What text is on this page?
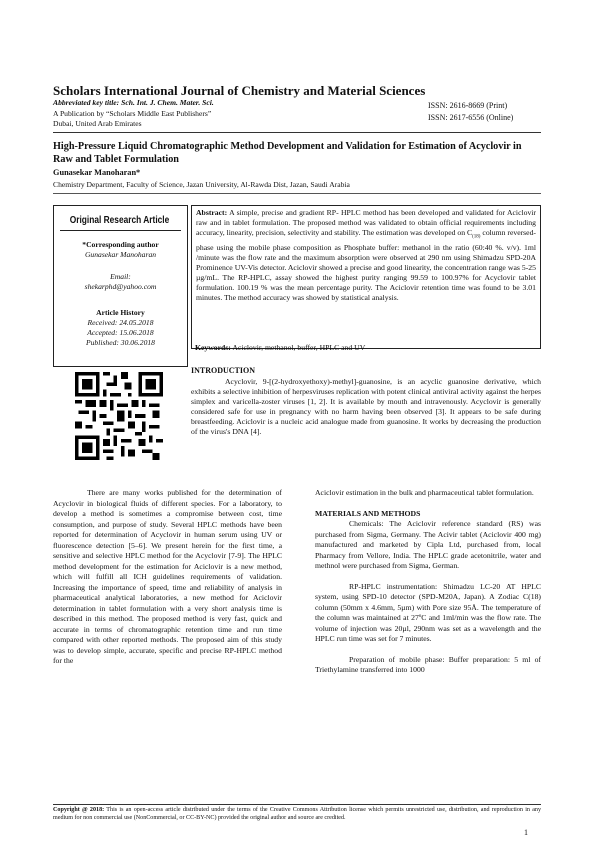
Scholars International Journal of Chemistry and Material Sciences
Abbreviated key title: Sch. Int. J. Chem. Mater. Sci.
A Publication by “Scholars Middle East Publishers”
Dubai, United Arab Emirates
ISSN: 2616-8669 (Print)
ISSN: 2617-6556 (Online)
High-Pressure Liquid Chromatographic Method Development and Validation for Estimation of Acyclovir in Raw and Tablet Formulation
Gunasekar Manoharan*
Chemistry Department, Faculty of Science, Jazan University, Al-Rawda Dist, Jazan, Saudi Arabia
Original Research Article
*Corresponding author
Gunasekar Manoharan
Email:
shekarphd@yahoo.com
Article History
Received: 24.05.2018
Accepted: 15.06.2018
Published: 30.06.2018
Abstract: A simple, precise and gradient RP- HPLC method has been developed and validated for Aciclovir raw and in tablet formulation. The proposed method was validated to obtain official requirements including accuracy, linearity, precision, selectivity and stability. The estimation was developed on $C_{(18)}$ column reversed-phase using the mobile phase composition as Phosphate buffer: methanol in the ratio (60:40 %. v/v). 1ml /minute was the flow rate and the maximum absorption were observed at 290 nm using Shimadzu SPD-20A Prominence UV-Vis detector. Aciclovir showed a precise and good linearity, the concentration range was 5-25 µg/mL. The RP-HPLC, assay showed the highest purity ranging 99.59 to 100.97% for Acyclovir tablet formulation. 100.19 % was the mean percentage purity. The Aciclovir retention time was found to be 3.01 minutes. The method accuracy was showed by statistical analysis.
Keywords: Aciclovir, methanol, buffer, HPLC and UV
INTRODUCTION
Acyclovir, 9-[(2-hydroxyethoxy)-methyl]-guanosine, is an acyclic guanosine derivative, which exhibits a selective inhibition of herpesviruses replication with potent clinical antiviral activity against the herpes simplex and varicella-zoster viruses [1, 2]. It is available by mouth and intravenously. Acyclovir is generally considered safe for use in pregnancy with no harm having been observed [3]. It appears to be safe during breastfeeding. Aciclovir is a nucleic acid analogue made from guanosine. It works by decreasing the production of the virus's DNA [4].

There are many works published for the determination of Acyclovir in biological fluids of different species. For a laboratory, to develop a method is sometimes a compromise between cost, time consumption, and purpose of study. Several HPLC methods have been reported for determination of Acyclovir in human serum using UV or fluorescence detection [5–6]. We present herein for the first time, a sensitive and selective HPLC method for the Acyclovir [7-9]. The HPLC method development for the estimation for Aciclovir is a new method, which will fulfill all ICH guidelines requirements of validation. Increasing the importance of speed, time and reliability of analysis in pharmaceutical analytical laboratories, a new method for Aciclovir determination in tablet formulation with a very short analysis time is described in this method. The proposed method is very fast, quick and accurate in terms of chromatographic retention time and run time compared with other reported methods. The proposed aim of this study was to develop simple, accurate, specific and precise RP-HPLC method for the

Aciclovir estimation in the bulk and pharmaceutical tablet formulation.

MATERIALS AND METHODS

Chemicals: The Aciclovir reference standard (RS) was purchased from Sigma, Germany. The Acivir tablet (Aciclovir 400 mg) manufactured and marketed by Cipla Ltd, purchased from, local Pharmacy from Vellore, India. The HPLC grade acetonitrile, water and methnol were purchased from Sigma, German.

RP-HPLC instrumentation: Shimadzu LC-20 AT HPLC system, using SPD-10 detector (SPD-M20A, Japan). A Zodiac C(18) column (50mm x 4.6mm, 5µm) with Pore size 95Å. The temperature of the column was maintained at 27ºC and 1ml/min was the flow rate. The volume of injection was 20µl, 290nm was set as a wavelength and the HPLC run time was set for 7 minutes.

Preparation of mobile phase: Buffer preparation: 5 ml of Triethylamine transferred into 1000

Copyright @ 2018: This is an open-access article distributed under the terms of the Creative Commons Attribution license which permits unrestricted use, distribution, and reproduction in any medium for non commercial use (NonCommercial, or CC-BY-NC) provided the original author and source are credited.
1
